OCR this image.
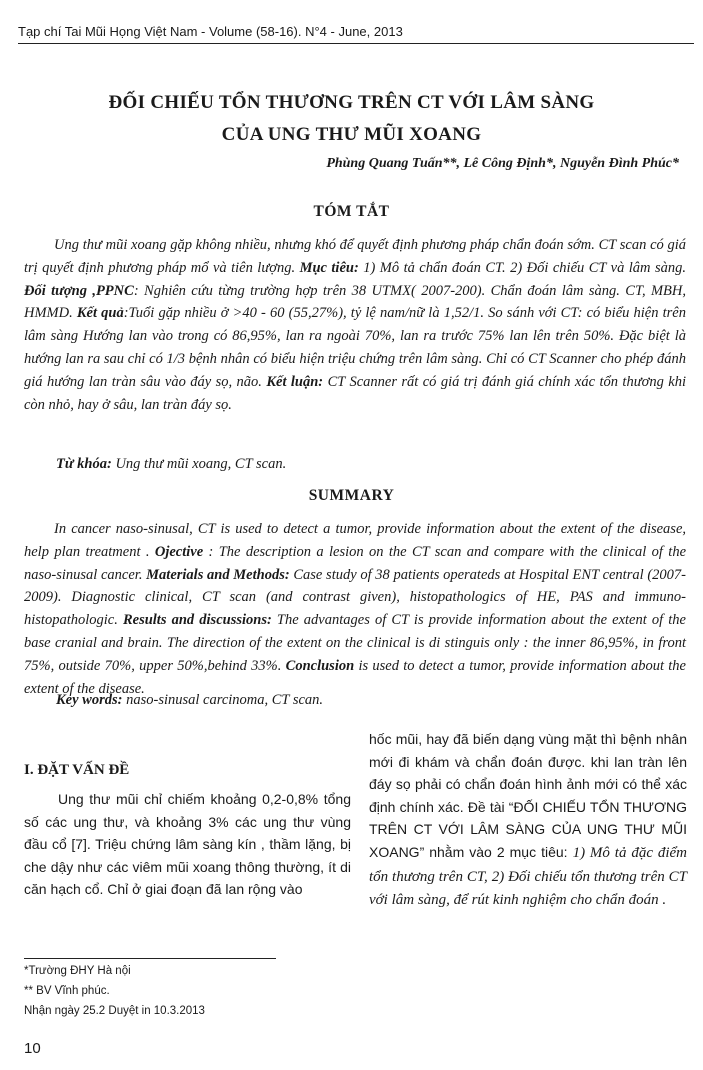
Tạp chí Tai Mũi Họng Việt Nam - Volume (58-16). N°4 - June, 2013
ĐỐI CHIẾU TỔN THƯƠNG TRÊN CT VỚI LÂM SÀNG
CỦA UNG THƯ MŨI XOANG
Phùng Quang Tuấn**, Lê Công Định*, Nguyễn Đình Phúc*
TÓM TẮT

Ung thư mũi xoang gặp không nhiều, nhưng khó để quyết định phương pháp chẩn đoán sớm. CT scan có giá trị quyết định phương pháp mổ và tiên lượng. Mục tiêu: 1) Mô tả chẩn đoán CT. 2) Đối chiếu CT và lâm sàng. Đối tượng ,PPNC: Nghiên cứu từng trường hợp trên 38 UTMX( 2007-200). Chẩn đoán lâm sàng. CT, MBH, HMMD. Kết quả:Tuổi gặp nhiều ở >40 - 60 (55,27%), tỷ lệ nam/nữ là 1,52/1. So sánh với CT: có biểu hiện trên lâm sàng Hướng lan vào trong có 86,95%, lan ra ngoài 70%, lan ra trước 75% lan lên trên 50%. Đặc biệt là hướng lan ra sau chỉ có 1/3 bệnh nhân có biểu hiện triệu chứng trên lâm sàng. Chỉ có CT Scanner cho phép đánh giá hướng lan tràn sâu vào đáy sọ, não. Kết luận: CT Scanner rất có giá trị đánh giá chính xác tổn thương khi còn nhỏ, hay ở sâu, lan tràn đáy sọ.

Từ khóa: Ung thư mũi xoang, CT scan.
SUMMARY

In cancer naso-sinusal, CT is used to detect a tumor, provide information about the extent of the disease, help plan treatment . Ojective : The description a lesion on the CT scan and compare with the clinical of the naso-sinusal cancer. Materials and Methods: Case study of 38 patients operateds at Hospital ENT central (2007-2009). Diagnostic clinical, CT scan (and contrast given), histopathologics of HE, PAS and immuno-histopathologic. Results and discussions: The advantages of CT is provide information about the extent of the base cranial and brain. The direction of the extent on the clinical is di stinguis only : the inner 86,95%, in front 75%, outside 70%, upper 50%,behind 33%. Conclusion is used to detect a tumor, provide information about the extent of the disease.

Key words: naso-sinusal carcinoma, CT scan.
I. ĐẶT VẤN ĐỀ

Ung thư mũi chỉ chiếm khoảng 0,2-0,8% tổng số các ung thư, và khoảng 3% các ung thư vùng đầu cổ [7]. Triệu chứng lâm sàng kín , thầm lặng, bị che dậy như các viêm mũi xoang thông thường, ít di căn hạch cổ. Chỉ ở giai đoạn đã lan rộng vào

hốc mũi, hay đã biến dạng vùng mặt thì bệnh nhân mới đi khám và chẩn đoán được. khi lan tràn lên đáy sọ phải có chẩn đoán hình ảnh mới có thể xác định chính xác. Đề tài “ĐỐI CHIẾU TỔN THƯƠNG TRÊN CT VỚI LÂM SÀNG CỦA UNG THƯ MŨI XOANG” nhằm vào 2 mục tiêu: 1) Mô tả đặc điểm tổn thương trên CT, 2) Đối chiếu tổn thương trên CT với lâm sàng, để rút kinh nghiệm cho chẩn đoán .

*Trường ĐHY Hà nội
** BV Vĩnh phúc.
Nhận ngày 25.2 Duyệt in 10.3.2013
10
